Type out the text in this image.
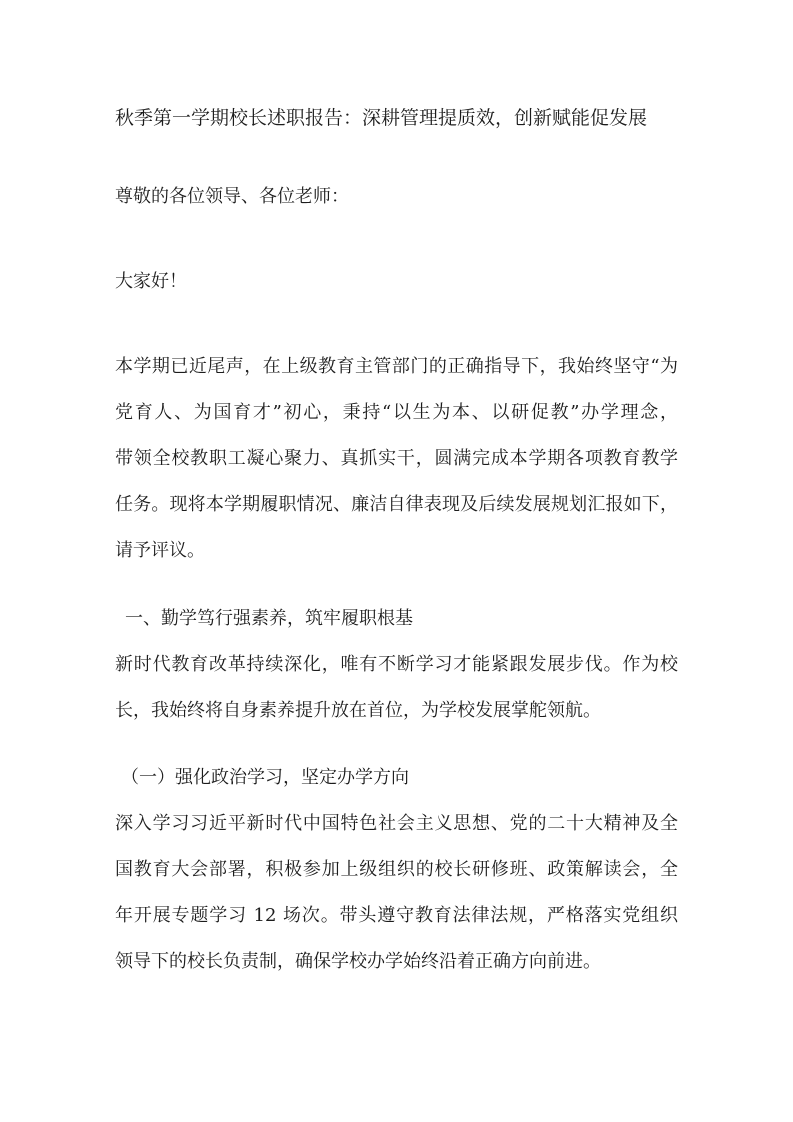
秋季第一学期校长述职报告：深耕管理提质效，创新赋能促发展
尊敬的各位领导、各位老师：
大家好！
本学期已近尾声，在上级教育主管部门的正确指导下，我始终坚守“为
党育人、为国育才”初心，秉持“以生为本、以研促教”办学理念，
带领全校教职工凝心聚力、真抓实干，圆满完成本学期各项教育教学
任务。现将本学期履职情况、廉洁自律表现及后续发展规划汇报如下，
请予评议。
一、勤学笃行强素养，筑牢履职根基
新时代教育改革持续深化，唯有不断学习才能紧跟发展步伐。作为校
长，我始终将自身素养提升放在首位，为学校发展掌舵领航。
（一）强化政治学习，坚定办学方向
深入学习习近平新时代中国特色社会主义思想、党的二十大精神及全
国教育大会部署，积极参加上级组织的校长研修班、政策解读会，全
年开展专题学习 12 场次。带头遵守教育法律法规，严格落实党组织
领导下的校长负责制，确保学校办学始终沿着正确方向前进。
